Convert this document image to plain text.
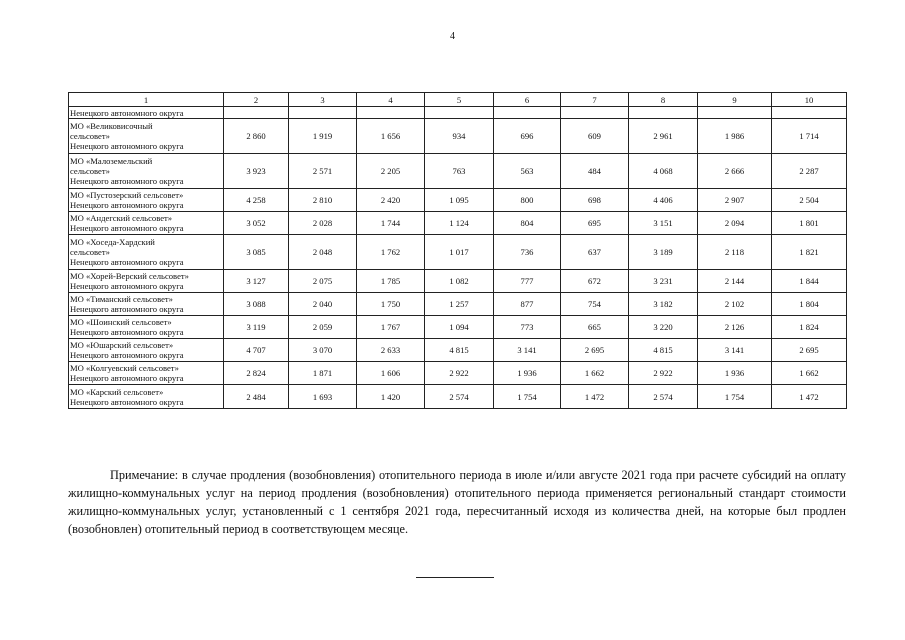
4
1	2	3	4	5	6	7	8	9	10
Ненецкого автономного округа									
МО «Великовисочный
сельсовет»
Ненецкого автономного округа	2 860	1 919	1 656	934	696	609	2 961	1 986	1 714
МО «Малоземельский
сельсовет»
Ненецкого автономного округа	3 923	2 571	2 205	763	563	484	4 068	2 666	2 287
МО «Пустозерский сельсовет»
Ненецкого автономного округа	4 258	2 810	2 420	1 095	800	698	4 406	2 907	2 504
МО «Андегский сельсовет»
Ненецкого автономного округа	3 052	2 028	1 744	1 124	804	695	3 151	2 094	1 801
МО «Хоседа-Хардский
сельсовет»
Ненецкого автономного округа	3 085	2 048	1 762	1 017	736	637	3 189	2 118	1 821
МО «Хорей-Верский сельсовет»
Ненецкого автономного округа	3 127	2 075	1 785	1 082	777	672	3 231	2 144	1 844
МО «Тиманский сельсовет»
Ненецкого автономного округа	3 088	2 040	1 750	1 257	877	754	3 182	2 102	1 804
МО «Шоинский сельсовет»
Ненецкого автономного округа	3 119	2 059	1 767	1 094	773	665	3 220	2 126	1 824
МО «Юшарский сельсовет»
Ненецкого автономного округа	4 707	3 070	2 633	4 815	3 141	2 695	4 815	3 141	2 695
МО «Колгуевский сельсовет»
Ненецкого автономного округа	2 824	1 871	1 606	2 922	1 936	1 662	2 922	1 936	1 662
МО «Карский сельсовет»
Ненецкого автономного округа	2 484	1 693	1 420	2 574	1 754	1 472	2 574	1 754	1 472

Примечание: в случае продления (возобновления) отопительного периода в июле и/или августе 2021 года при расчете субсидий на оплату жилищно-коммунальных услуг на период продления (возобновления) отопительного периода применяется региональный стандарт стоимости жилищно-коммунальных услуг, установленный с 1 сентября 2021 года, пересчитанный исходя из количества дней, на которые был продлен (возобновлен) отопительный период в соответствующем месяце.
